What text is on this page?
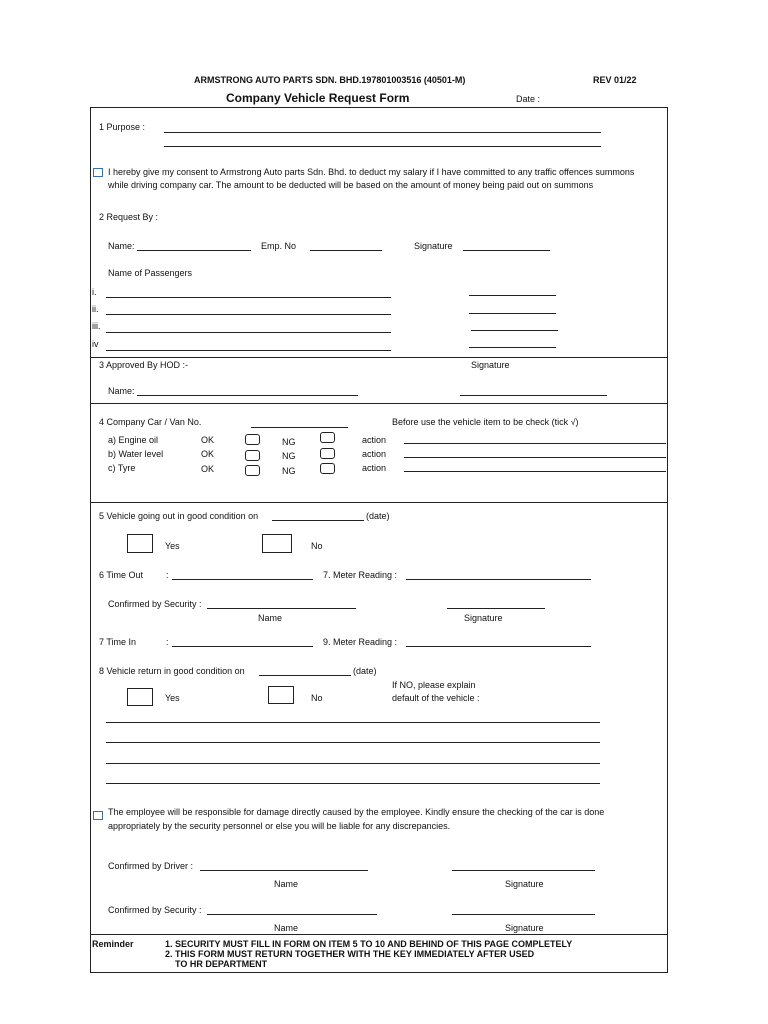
ARMSTRONG AUTO PARTS SDN. BHD.197801003516 (40501-M)	REV 01/22
Company Vehicle Request Form	Date :
1 Purpose :
I hereby give my consent to Armstrong Auto parts Sdn. Bhd. to deduct my salary if I have committed to any traffic offences summons
while driving company car. The amount to be deducted will be based on the amount of money being paid out on summons
2 Request By :
Name:	Emp. No	Signature
Name of Passengers
i.
ii.
iii.
iv
3 Approved By HOD :-	Signature
Name:
4 Company Car / Van No.	Before use the vehicle item to be check (tick √)
a) Engine oil	OK	NG	action
b) Water level	OK	NG	action
c) Tyre	OK	NG	action
5 Vehicle going out in good condition on	(date)
Yes	No
6 Time Out	:	7. Meter Reading :
Confirmed by Security :
Name	Signature
7 Time In	:	9. Meter Reading :
8 Vehicle return in good condition on	(date)
Yes	No
If NO, please explain
default of the vehicle :
The employee will be responsible for damage directly caused by the employee. Kindly ensure the checking of the car is done
appropriately by the security personnel or else you will be liable for any discrepancies.
Confirmed by Driver :
Name	Signature
Confirmed by Security :
Name	Signature
Reminder	1. SECURITY MUST FILL IN FORM ON ITEM 5 TO 10 AND BEHIND OF THIS PAGE COMPLETELY
2. THIS FORM MUST RETURN TOGETHER WITH THE KEY IMMEDIATELY AFTER USED
TO HR DEPARTMENT
